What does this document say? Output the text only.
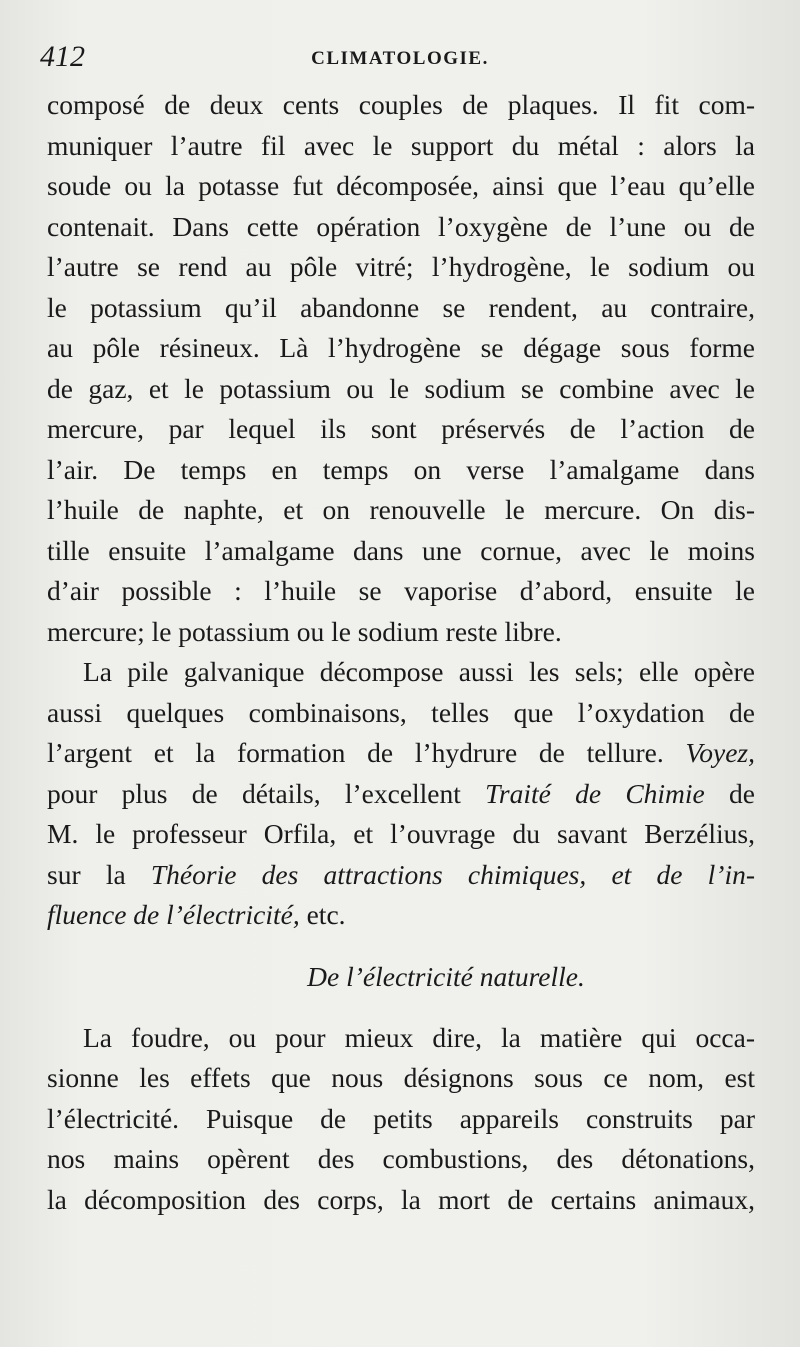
412	CLIMATOLOGIE.
composé de deux cents couples de plaques. Il fit com-
muniquer l’autre fil avec le support du métal : alors la
soude ou la potasse fut décomposée, ainsi que l’eau qu’elle
contenait. Dans cette opération l’oxygène de l’une ou de
l’autre se rend au pôle vitré; l’hydrogène, le sodium ou
le potassium qu’il abandonne se rendent, au contraire,
au pôle résineux. Là l’hydrogène se dégage sous forme
de gaz, et le potassium ou le sodium se combine avec le
mercure, par lequel ils sont préservés de l’action de
l’air. De temps en temps on verse l’amalgame dans
l’huile de naphte, et on renouvelle le mercure. On dis-
tille ensuite l’amalgame dans une cornue, avec le moins
d’air possible : l’huile se vaporise d’abord, ensuite le
mercure; le potassium ou le sodium reste libre.
La pile galvanique décompose aussi les sels; elle opère
aussi quelques combinaisons, telles que l’oxydation de
l’argent et la formation de l’hydrure de tellure. Voyez,
pour plus de détails, l’excellent Traité de Chimie de
M. le professeur Orfila, et l’ouvrage du savant Berzélius,
sur la Théorie des attractions chimiques, et de l’in-
fluence de l’électricité, etc.
De l’électricité naturelle.
La foudre, ou pour mieux dire, la matière qui occa-
sionne les effets que nous désignons sous ce nom, est
l’électricité. Puisque de petits appareils construits par
nos mains opèrent des combustions, des détonations,
la décomposition des corps, la mort de certains animaux,
